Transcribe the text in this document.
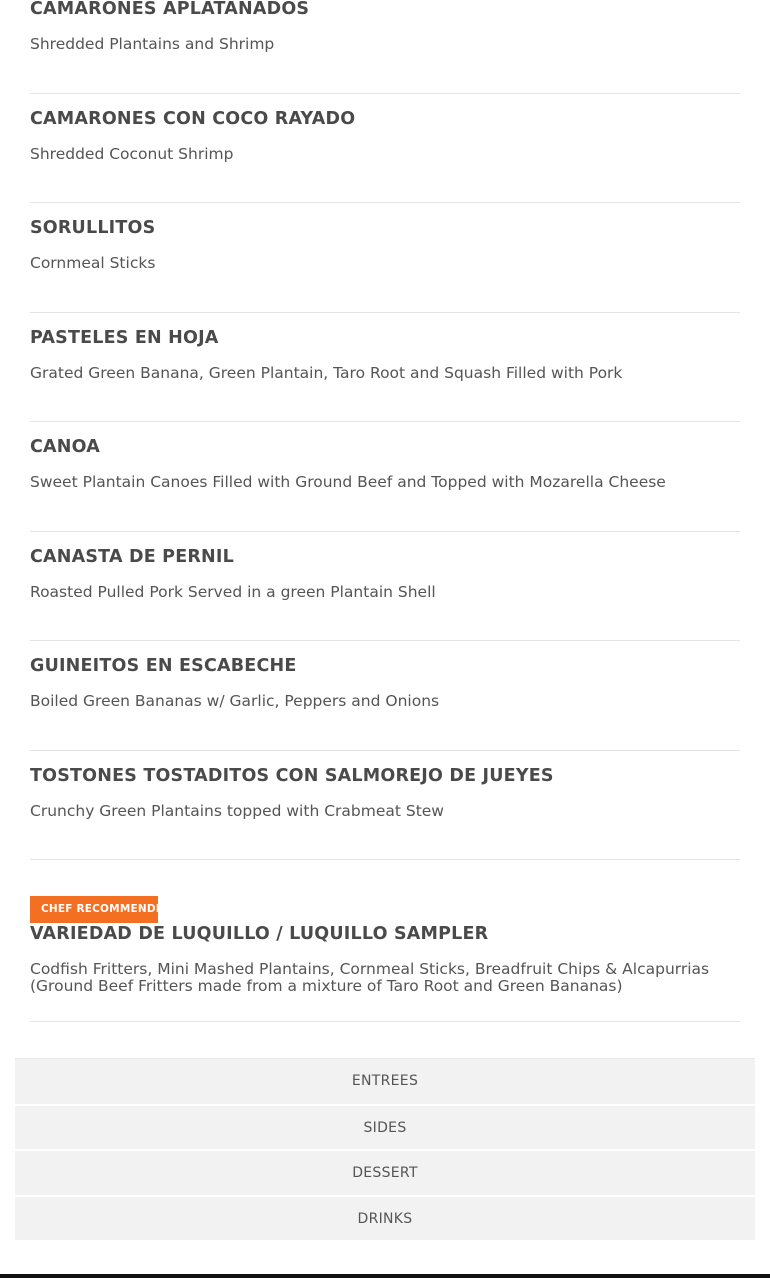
CAMARONES APLATANADOS

Shredded Plantains and Shrimp

CAMARONES CON COCO RAYADO

Shredded Coconut Shrimp

SORULLITOS

Cornmeal Sticks

PASTELES EN HOJA

Grated Green Banana, Green Plantain, Taro Root and Squash Filled with Pork

CANOA

Sweet Plantain Canoes Filled with Ground Beef and Topped with Mozarella Cheese

CANASTA DE PERNIL

Roasted Pulled Pork Served in a green Plantain Shell

GUINEITOS EN ESCABECHE

Boiled Green Bananas w/ Garlic, Peppers and Onions

TOSTONES TOSTADITOS CON SALMOREJO DE JUEYES

Crunchy Green Plantains topped with Crabmeat Stew

CHEF RECOMMENDED
VARIEDAD DE LUQUILLO / LUQUILLO SAMPLER

Codfish Fritters, Mini Mashed Plantains, Cornmeal Sticks, Breadfruit Chips & Alcapurrias (Ground Beef Fritters made from a mixture of Taro Root and Green Bananas)

ENTREES
SIDES
DESSERT
DRINKS
